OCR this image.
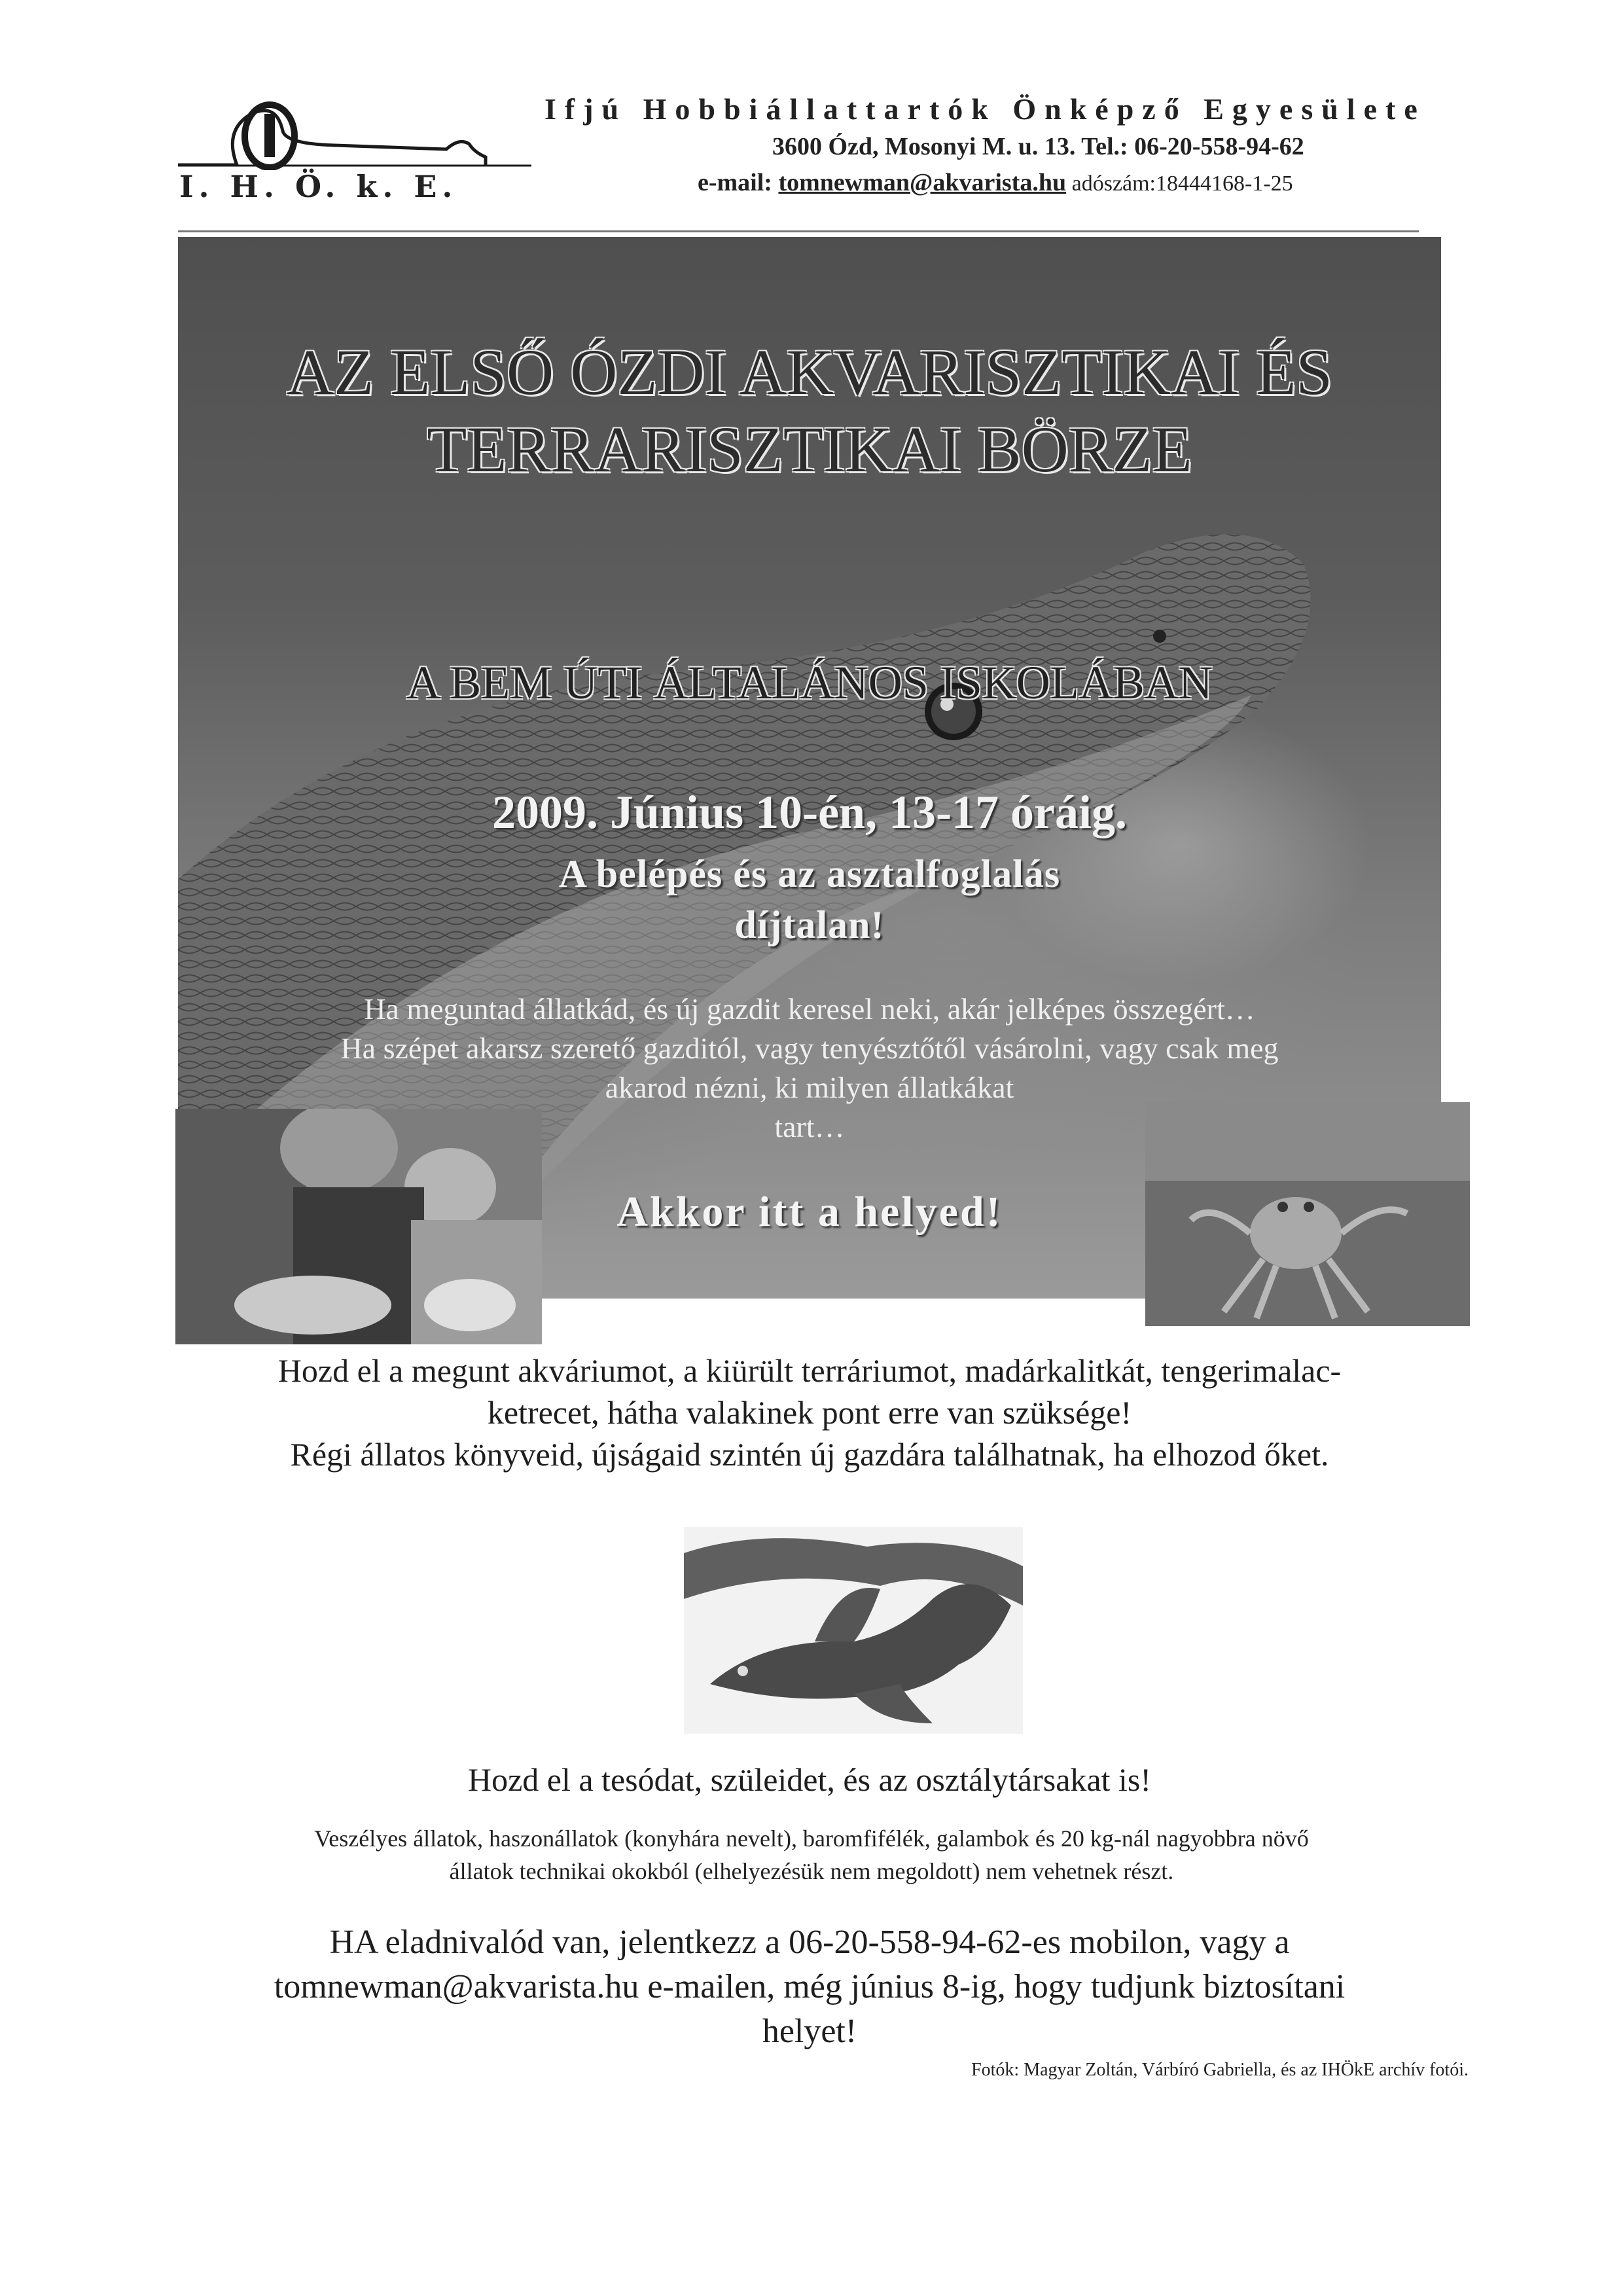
I. H. Ö. k. E.
Ifjú Hobbiállattartók Önképző Egyesülete
3600 Ózd, Mosonyi M. u. 13. Tel.: 06-20-558-94-62
e-mail: tomnewman@akvarista.hu adószám:18444168-1-25
AZ ELSŐ ÓZDI AKVARISZTIKAI ÉS
TERRARISZTIKAI BÖRZE
A BEM ÚTI ÁLTALÁNOS ISKOLÁBAN
2009. Június 10-én, 13-17 óráig.
A belépés és az asztalfoglalás
díjtalan!
Ha meguntad állatkád, és új gazdit keresel neki, akár jelképes összegért…
Ha szépet akarsz szerető gazditól, vagy tenyésztőtől vásárolni, vagy csak meg
akarod nézni, ki milyen állatkákat
tart…
Akkor itt a helyed!
Hozd el a megunt akváriumot, a kiürült terráriumot, madárkalitkát, tengerimalac-
ketrecet, hátha valakinek pont erre van szüksége!
Régi állatos könyveid, újságaid szintén új gazdára találhatnak, ha elhozod őket.
Hozd el a tesódat, szüleidet, és az osztálytársakat is!
Veszélyes állatok, haszonállatok (konyhára nevelt), baromfifélék, galambok és 20 kg-nál nagyobbra növő
állatok technikai okokból (elhelyezésük nem megoldott) nem vehetnek részt.
HA eladnivalód van, jelentkezz a 06-20-558-94-62-es mobilon, vagy a
tomnewman@akvarista.hu e-mailen, még június 8-ig, hogy tudjunk biztosítani
helyet!
Fotók: Magyar Zoltán, Várbíró Gabriella, és az IHÖkE archív fotói.
